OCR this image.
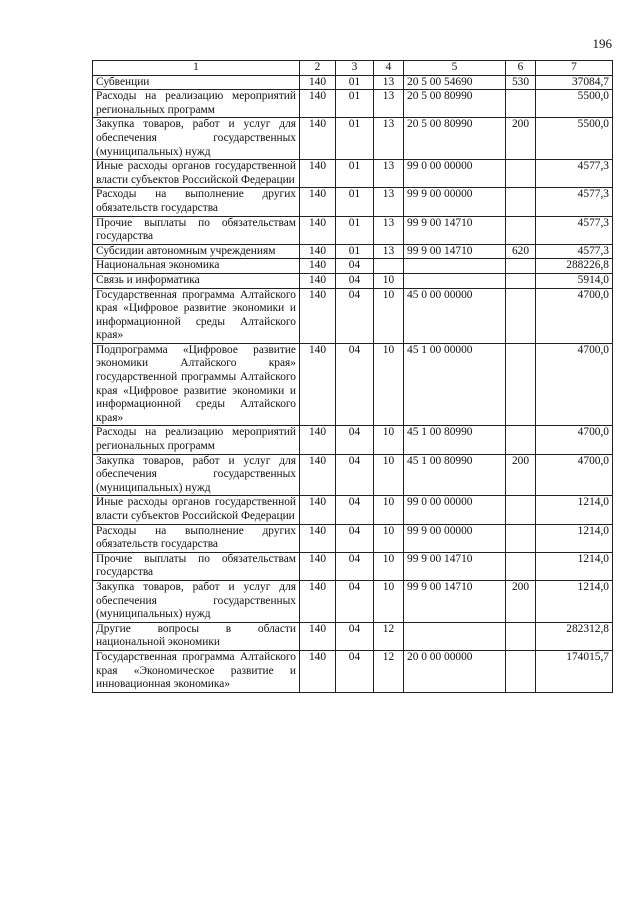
196
1	2	3	4	5	6	7
Субвенции	140	01	13	20 5 00 54690	530	37084,7
Расходы на реализацию мероприятий региональных программ	140	01	13	20 5 00 80990		5500,0
Закупка товаров, работ и услуг для обеспечения государственных (муниципальных) нужд	140	01	13	20 5 00 80990	200	5500,0
Иные расходы органов государственной власти субъектов Российской Федерации	140	01	13	99 0 00 00000		4577,3
Расходы на выполнение других обязательств государства	140	01	13	99 9 00 00000		4577,3
Прочие выплаты по обязательствам государства	140	01	13	99 9 00 14710		4577,3
Субсидии автономным учреждениям	140	01	13	99 9 00 14710	620	4577,3
Национальная экономика	140	04				288226,8
Связь и информатика	140	04	10			5914,0
Государственная программа Алтайского края «Цифровое развитие экономики и информационной среды Алтайского края»	140	04	10	45 0 00 00000		4700,0
Подпрограмма «Цифровое развитие экономики Алтайского края» государственной программы Алтайского края «Цифровое развитие экономики и информационной среды Алтайского края»	140	04	10	45 1 00 00000		4700,0
Расходы на реализацию мероприятий региональных программ	140	04	10	45 1 00 80990		4700,0
Закупка товаров, работ и услуг для обеспечения государственных (муниципальных) нужд	140	04	10	45 1 00 80990	200	4700,0
Иные расходы органов государственной власти субъектов Российской Федерации	140	04	10	99 0 00 00000		1214,0
Расходы на выполнение других обязательств государства	140	04	10	99 9 00 00000		1214,0
Прочие выплаты по обязательствам государства	140	04	10	99 9 00 14710		1214,0
Закупка товаров, работ и услуг для обеспечения государственных (муниципальных) нужд	140	04	10	99 9 00 14710	200	1214,0
Другие вопросы в области национальной экономики	140	04	12			282312,8
Государственная программа Алтайского края «Экономическое развитие и инновационная экономика»	140	04	12	20 0 00 00000		174015,7
